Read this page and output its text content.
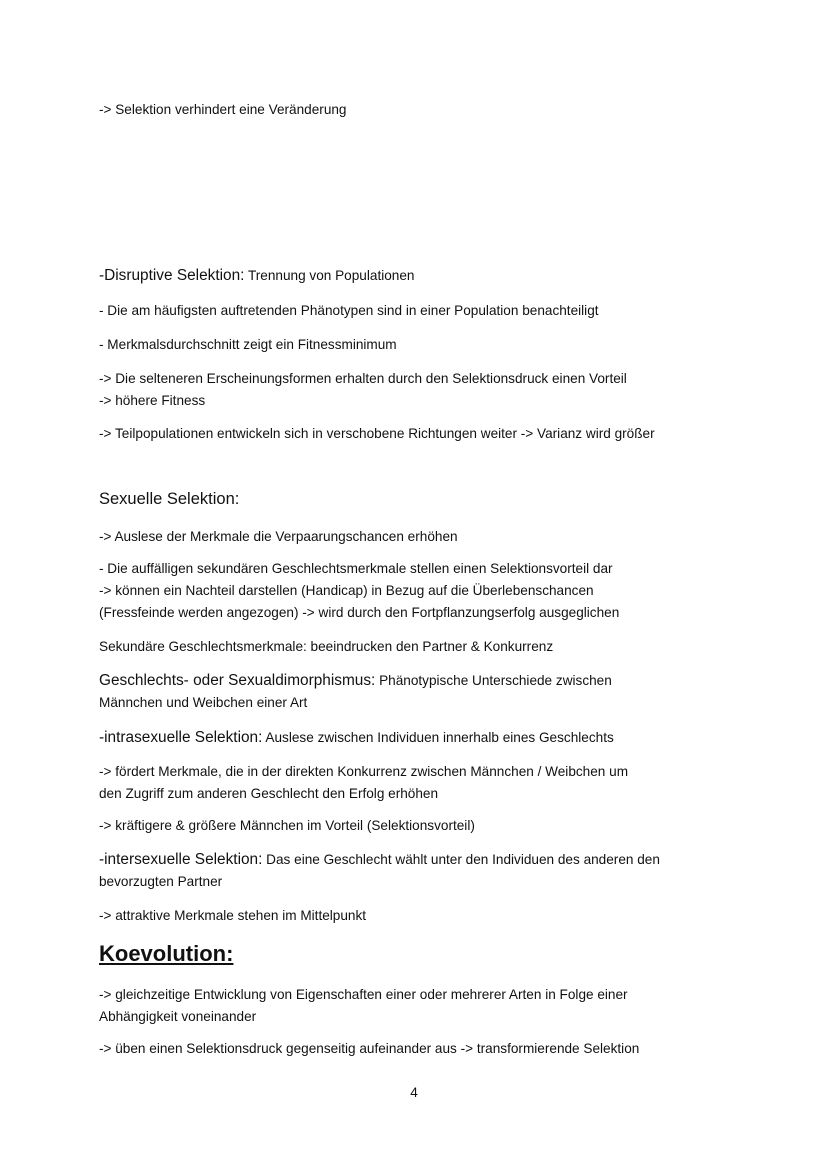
-> Selektion verhindert eine Veränderung
-Disruptive Selektion: Trennung von Populationen
- Die am häufigsten auftretenden Phänotypen sind in einer Population benachteiligt
- Merkmalsdurchschnitt zeigt ein Fitnessminimum
-> Die selteneren Erscheinungsformen erhalten durch den Selektionsdruck einen Vorteil
-> höhere Fitness
-> Teilpopulationen entwickeln sich in verschobene Richtungen weiter -> Varianz wird größer
Sexuelle Selektion:
-> Auslese der Merkmale die Verpaarungschancen erhöhen
- Die auffälligen sekundären Geschlechtsmerkmale stellen einen Selektionsvorteil dar
-> können ein Nachteil darstellen (Handicap) in Bezug auf die Überlebenschancen
(Fressfeinde werden angezogen) -> wird durch den Fortpflanzungserfolg ausgeglichen
Sekundäre Geschlechtsmerkmale: beeindrucken den Partner & Konkurrenz
Geschlechts- oder Sexualdimorphismus: Phänotypische Unterschiede zwischen
Männchen und Weibchen einer Art
-intrasexuelle Selektion: Auslese zwischen Individuen innerhalb eines Geschlechts
-> fördert Merkmale, die in der direkten Konkurrenz zwischen Männchen / Weibchen um
den Zugriff zum anderen Geschlecht den Erfolg erhöhen
-> kräftigere & größere Männchen im Vorteil (Selektionsvorteil)
-intersexuelle Selektion: Das eine Geschlecht wählt unter den Individuen des anderen den
bevorzugten Partner
-> attraktive Merkmale stehen im Mittelpunkt
Koevolution:
-> gleichzeitige Entwicklung von Eigenschaften einer oder mehrerer Arten in Folge einer
Abhängigkeit voneinander
-> üben einen Selektionsdruck gegenseitig aufeinander aus -> transformierende Selektion
4
